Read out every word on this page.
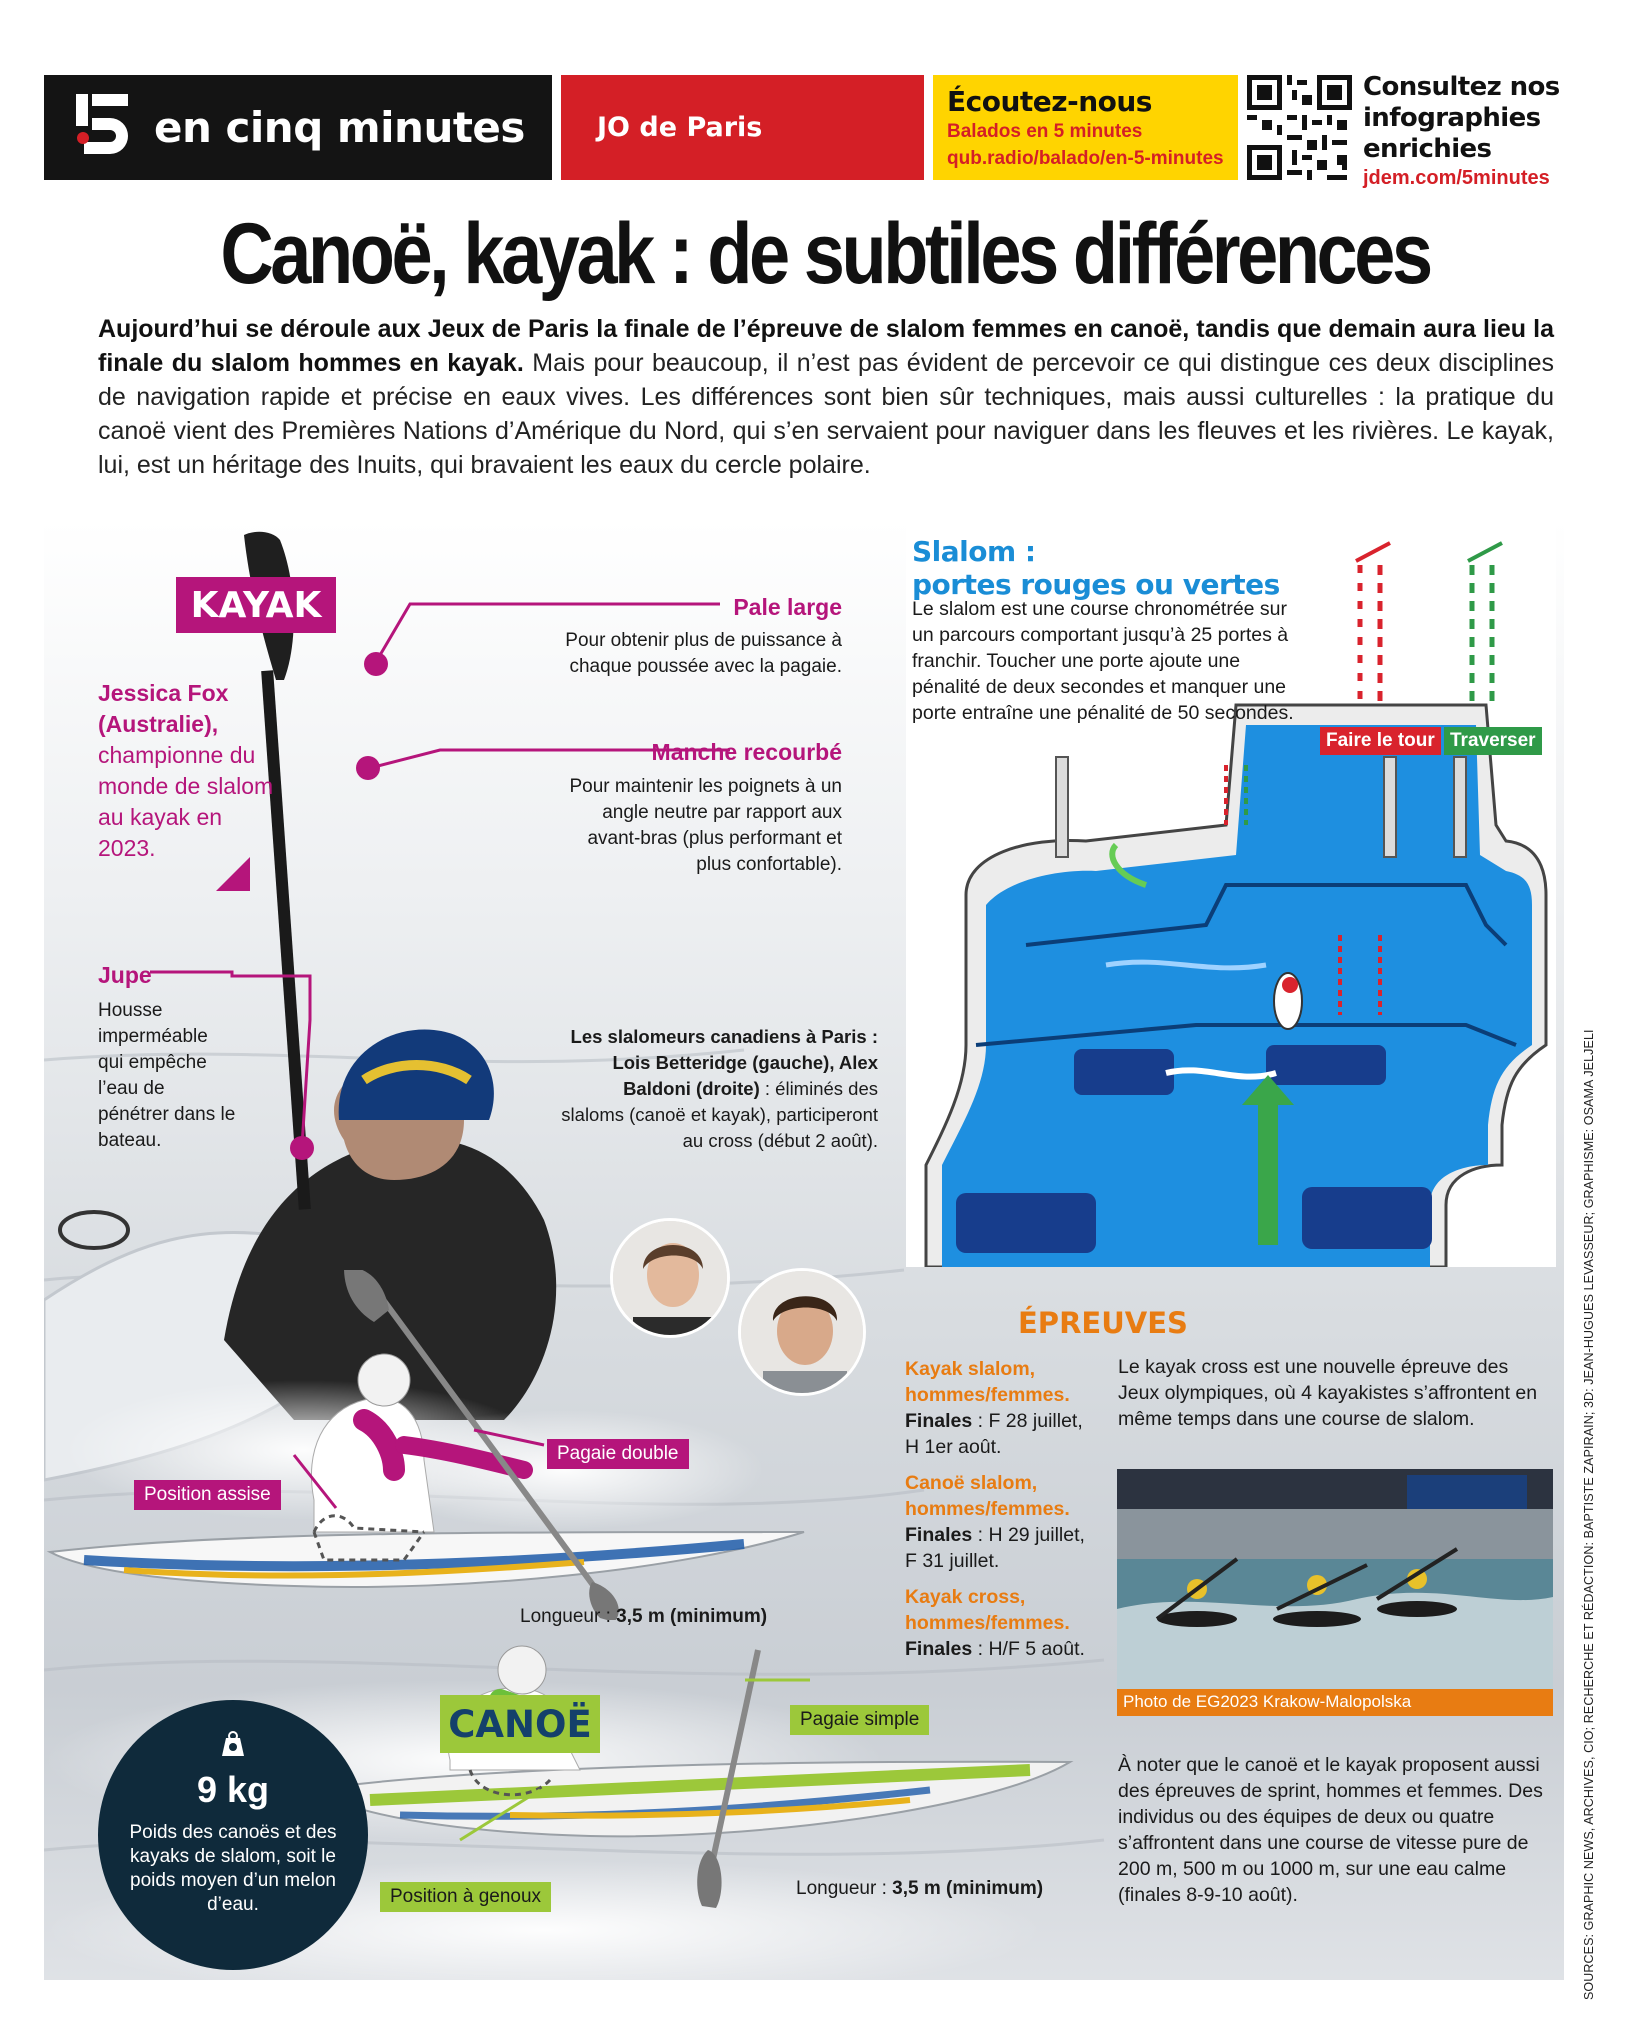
en cinq minutes	JO de Paris
Écoutez-nous
Balados en 5 minutes
qub.radio/balado/en-5-minutes
Consultez nos
infographies
enrichies
jdem.com/5minutes
Canoë, kayak : de subtiles différences

Aujourd’hui se déroule aux Jeux de Paris la finale de l’épreuve de slalom femmes en canoë, tandis que demain aura lieu la finale du slalom hommes en kayak. Mais pour beaucoup, il n’est pas évident de percevoir ce qui distingue ces deux disciplines de navigation rapide et précise en eaux vives. Les différences sont bien sûr techniques, mais aussi culturelles : la pratique du canoë vient des Premières Nations d’Amérique du Nord, qui s’en servaient pour naviguer dans les fleuves et les rivières. Le kayak, lui, est un héritage des Inuits, qui bravaient les eaux du cercle polaire.

KAYAK
Jessica Fox (Australie),
championne du monde de slalom au kayak en 2023.
Pale large
Pour obtenir plus de puissance à chaque poussée avec la pagaie.
Manche recourbé
Pour maintenir les poignets à un angle neutre par rapport aux avant-bras (plus performant et plus confortable).
Jupe
Housse imperméable qui empêche l’eau de pénétrer dans le bateau.
Les slalomeurs canadiens à Paris : Lois Betteridge (gauche), Alex Baldoni (droite) : éliminés des slaloms (canoë et kayak), participeront au cross (début 2 août).
Pagaie double
Position assise
Longueur : 3,5 m (minimum)
CANOË	Pagaie simple
Position à genoux	Longueur : 3,5 m (minimum)
9 kg
Poids des canoës et des kayaks de slalom, soit le poids moyen d’un melon d’eau.
Slalom :
portes rouges ou vertes
Le slalom est une course chronométrée sur un parcours comportant jusqu’à 25 portes à franchir. Toucher une porte ajoute une pénalité de deux secondes et manquer une porte entraîne une pénalité de 50 secondes.
Faire le tour Traverser
ÉPREUVES
Kayak slalom, hommes/femmes.
Finales : F 28 juillet, H 1er août.
Canoë slalom, hommes/femmes.
Finales : H 29 juillet, F 31 juillet.
Kayak cross, hommes/femmes.
Finales : H/F 5 août.
Le kayak cross est une nouvelle épreuve des Jeux olympiques, où 4 kayakistes s’affrontent en même temps dans une course de slalom.
Photo de EG2023 Krakow-Malopolska
À noter que le canoë et le kayak proposent aussi des épreuves de sprint, hommes et femmes. Des individus ou des équipes de deux ou quatre s’affrontent dans une course de vitesse pure de 200 m, 500 m ou 1000 m, sur une eau calme (finales 8-9-10 août).	SOURCES: GRAPHIC NEWS, ARCHIVES, CIO; RECHERCHE ET RÉDACTION: BAPTISTE ZAPIRAIN; 3D: JEAN-HUGUES LEVASSEUR; GRAPHISME: OSAMA JELJELI
